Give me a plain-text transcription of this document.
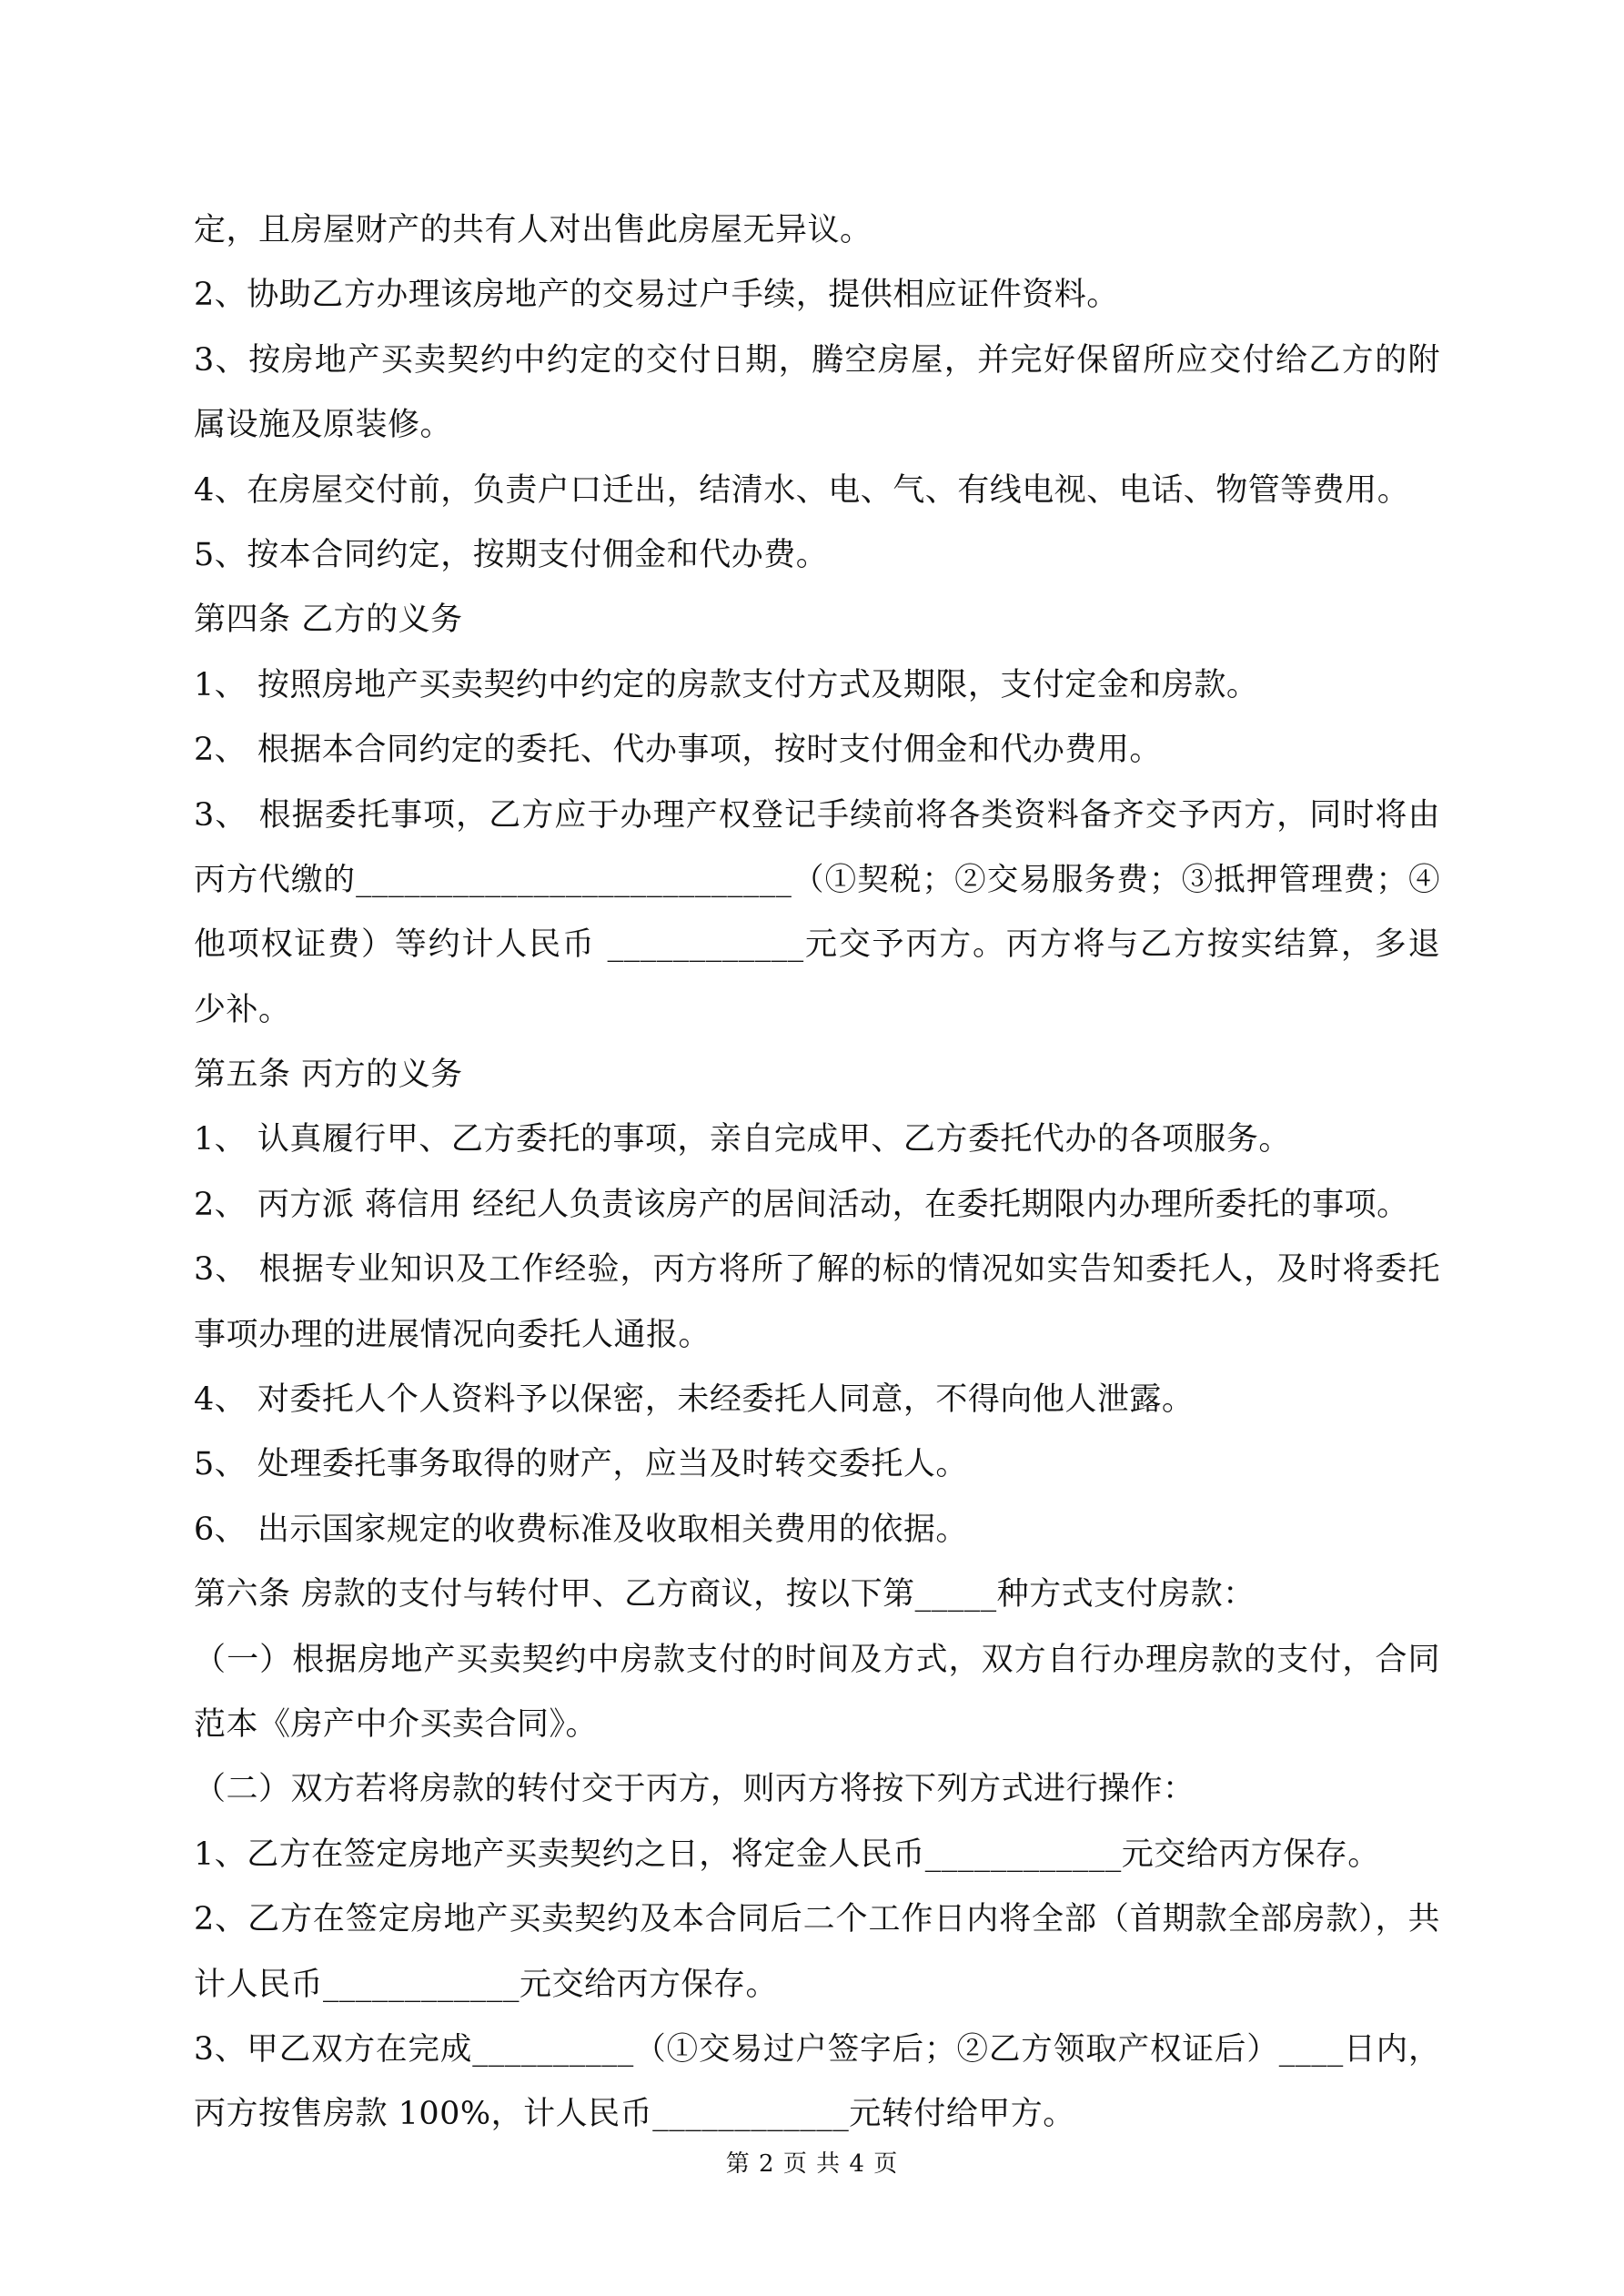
定，且房屋财产的共有人对出售此房屋无异议。
2、协助乙方办理该房地产的交易过户手续，提供相应证件资料。
3、按房地产买卖契约中约定的交付日期，腾空房屋，并完好保留所应交付给乙方的附
属设施及原装修。
4、在房屋交付前，负责户口迁出，结清水、电、气、有线电视、电话、物管等费用。
5、按本合同约定，按期支付佣金和代办费。
第四条 乙方的义务
1、 按照房地产买卖契约中约定的房款支付方式及期限，支付定金和房款。
2、 根据本合同约定的委托、代办事项，按时支付佣金和代办费用。
3、 根据委托事项，乙方应于办理产权登记手续前将各类资料备齐交予丙方，同时将由
丙方代缴的___________________________（①契税；②交易服务费；③抵押管理费；④
他项权证费）等约计人民币 ____________元交予丙方。丙方将与乙方按实结算，多退
少补。
第五条 丙方的义务
1、 认真履行甲、乙方委托的事项，亲自完成甲、乙方委托代办的各项服务。
2、 丙方派 蒋信用 经纪人负责该房产的居间活动，在委托期限内办理所委托的事项。
3、 根据专业知识及工作经验，丙方将所了解的标的情况如实告知委托人，及时将委托
事项办理的进展情况向委托人通报。
4、 对委托人个人资料予以保密，未经委托人同意，不得向他人泄露。
5、 处理委托事务取得的财产，应当及时转交委托人。
6、 出示国家规定的收费标准及收取相关费用的依据。
第六条 房款的支付与转付甲、乙方商议，按以下第_____种方式支付房款：
（一）根据房地产买卖契约中房款支付的时间及方式，双方自行办理房款的支付，合同
范本《房产中介买卖合同》。
（二）双方若将房款的转付交于丙方，则丙方将按下列方式进行操作：
1、乙方在签定房地产买卖契约之日，将定金人民币____________元交给丙方保存。
2、乙方在签定房地产买卖契约及本合同后二个工作日内将全部（首期款全部房款），共
计人民币____________元交给丙方保存。
3、甲乙双方在完成__________（①交易过户签字后；②乙方领取产权证后）____日内，
丙方按售房款 100%，计人民币____________元转付给甲方。
第 2 页 共 4 页
